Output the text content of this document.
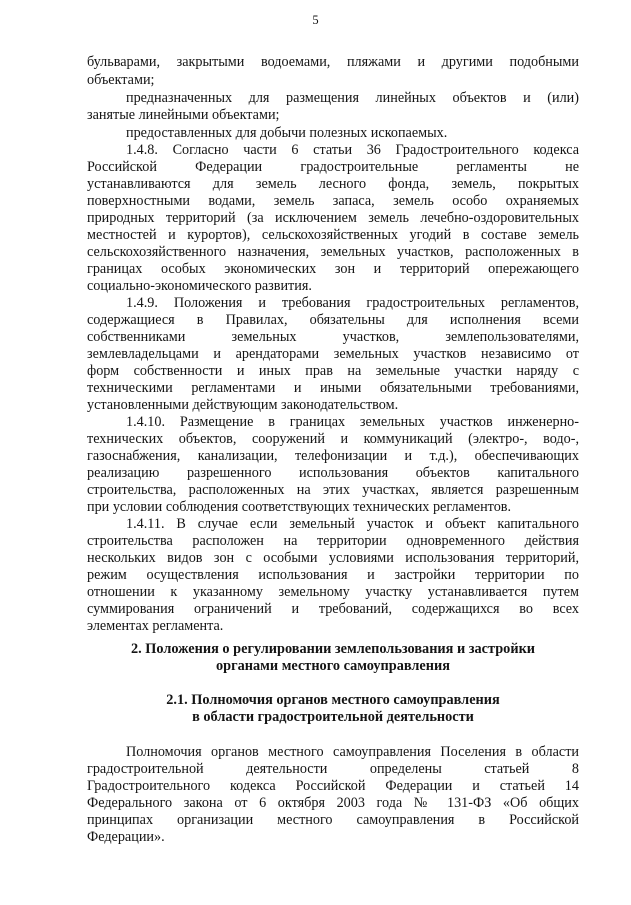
5
бульварами, закрытыми водоемами, пляжами и другими подобными
объектами;
предназначенных для размещения линейных объектов и (или)
занятые линейными объектами;
предоставленных для добычи полезных ископаемых.
1.4.8. Согласно части 6 статьи 36 Градостроительного кодекса
Российской Федерации градостроительные регламенты не
устанавливаются для земель лесного фонда, земель, покрытых
поверхностными водами, земель запаса, земель особо охраняемых
природных территорий (за исключением земель лечебно-оздоровительных
местностей и курортов), сельскохозяйственных угодий в составе земель
сельскохозяйственного назначения, земельных участков, расположенных в
границах особых экономических зон и территорий опережающего
социально-экономического развития.
1.4.9. Положения и требования градостроительных регламентов,
содержащиеся в Правилах, обязательны для исполнения всеми
собственниками земельных участков, землепользователями,
землевладельцами и арендаторами земельных участков независимо от
форм собственности и иных прав на земельные участки наряду с
техническими регламентами и иными обязательными требованиями,
установленными действующим законодательством.
1.4.10. Размещение в границах земельных участков инженерно-
технических объектов, сооружений и коммуникаций (электро-, водо-,
газоснабжения, канализации, телефонизации и т.д.), обеспечивающих
реализацию разрешенного использования объектов капитального
строительства, расположенных на этих участках, является разрешенным
при условии соблюдения соответствующих технических регламентов.
1.4.11. В случае если земельный участок и объект капитального
строительства расположен на территории одновременного действия
нескольких видов зон с особыми условиями использования территорий,
режим осуществления использования и застройки территории по
отношении к указанному земельному участку устанавливается путем
суммирования ограничений и требований, содержащихся во всех
элементах регламента.
2. Положения о регулировании землепользования и застройки
органами местного самоуправления
2.1. Полномочия органов местного самоуправления
в области градостроительной деятельности
Полномочия органов местного самоуправления Поселения в области
градостроительной деятельности определены статьей 8
Градостроительного кодекса Российской Федерации и статьей 14
Федерального закона от 6 октября 2003 года № 131-ФЗ «Об общих
принципах организации местного самоуправления в Российской
Федерации».
